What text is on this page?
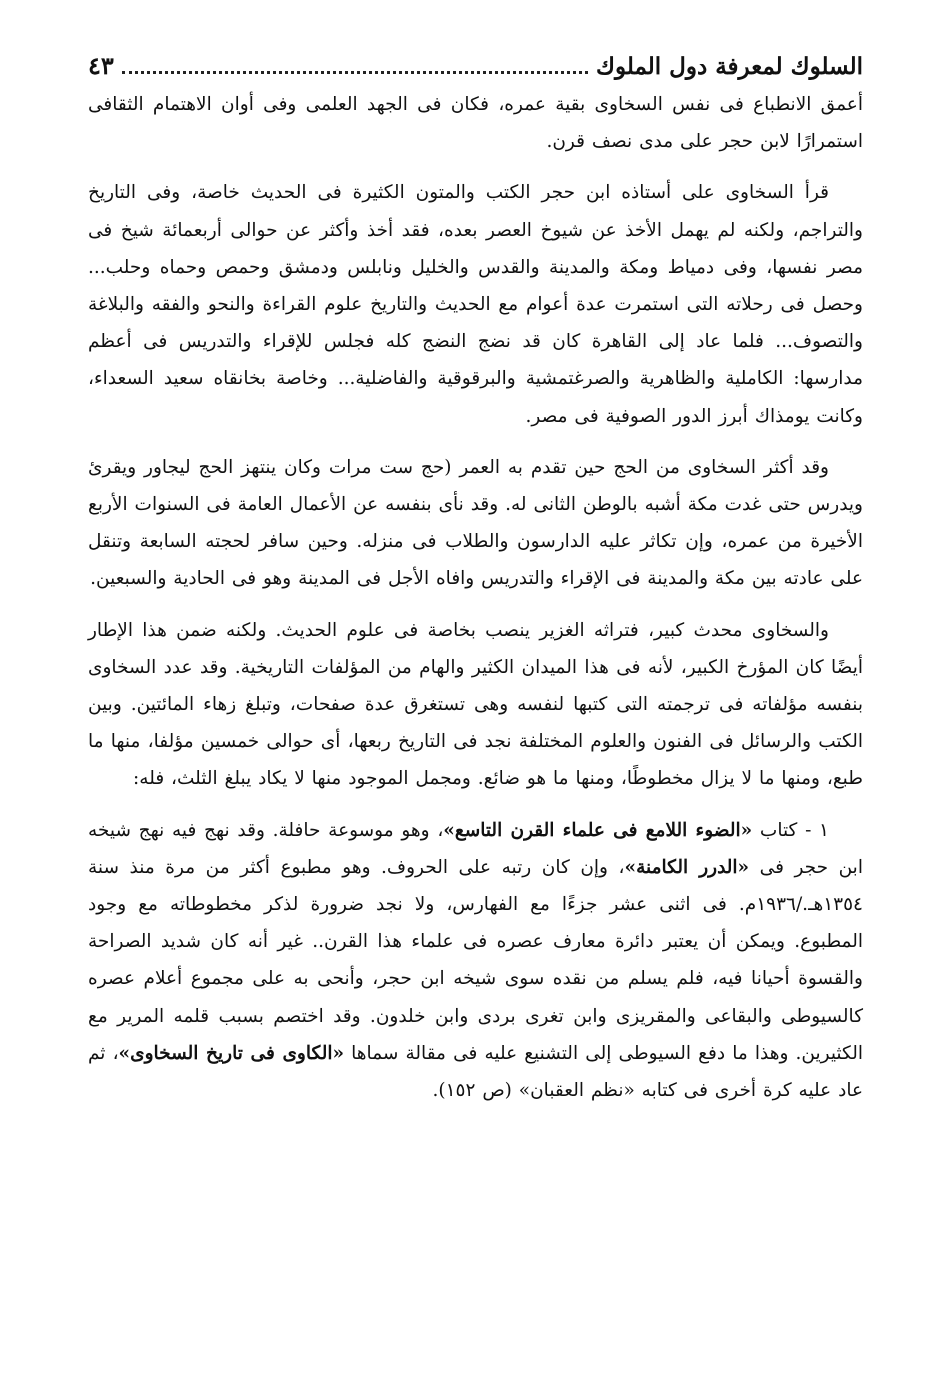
السلوك لمعرفة دول الملوك
٤٣

أعمق الانطباع فى نفس السخاوى بقية عمره، فكان فى الجهد العلمى وفى أوان الاهتمام الثقافى استمرارًا لابن حجر على مدى نصف قرن.

قرأ السخاوى على أستاذه ابن حجر الكتب والمتون الكثيرة فى الحديث خاصة، وفى التاريخ والتراجم، ولكنه لم يهمل الأخذ عن شيوخ العصر بعده، فقد أخذ وأكثر عن حوالى أربعمائة شيخ فى مصر نفسها، وفى دمياط ومكة والمدينة والقدس والخليل ونابلس ودمشق وحمص وحماه وحلب... وحصل فى رحلاته التى استمرت عدة أعوام مع الحديث والتاريخ علوم القراءة والنحو والفقه والبلاغة والتصوف... فلما عاد إلى القاهرة كان قد نضج النضج كله فجلس للإقراء والتدريس فى أعظم مدارسها: الكاملية والظاهرية والصرغتمشية والبرقوقية والفاضلية... وخاصة بخانقاه سعيد السعداء، وكانت يومذاك أبرز الدور الصوفية فى مصر.

وقد أكثر السخاوى من الحج حين تقدم به العمر (حج ست مرات وكان ينتهز الحج ليجاور ويقرئ ويدرس حتى غدت مكة أشبه بالوطن الثانى له. وقد نأى بنفسه عن الأعمال العامة فى السنوات الأربع الأخيرة من عمره، وإن تكاثر عليه الدارسون والطلاب فى منزله. وحين سافر لحجته السابعة وتنقل على عادته بين مكة والمدينة فى الإقراء والتدريس وافاه الأجل فى المدينة وهو فى الحادية والسبعين.

والسخاوى محدث كبير، فتراثه الغزير ينصب بخاصة فى علوم الحديث. ولكنه ضمن هذا الإطار أيضًا كان المؤرخ الكبير، لأنه فى هذا الميدان الكثير والهام من المؤلفات التاريخية. وقد عدد السخاوى بنفسه مؤلفاته فى ترجمته التى كتبها لنفسه وهى تستغرق عدة صفحات، وتبلغ زهاء المائتين. وبين الكتب والرسائل فى الفنون والعلوم المختلفة نجد فى التاريخ ربعها، أى حوالى خمسين مؤلفا، منها ما طبع، ومنها ما لا يزال مخطوطًا، ومنها ما هو ضائع. ومجمل الموجود منها لا يكاد يبلغ الثلث، فله:

١ - كتاب «الضوء اللامع فى علماء القرن التاسع»، وهو موسوعة حافلة. وقد نهج فيه نهج شيخه ابن حجر فى «الدرر الكامنة»، وإن كان رتبه على الحروف. وهو مطبوع أكثر من مرة منذ سنة ١٣٥٤هـ./١٩٣٦م. فى اثنى عشر جزءًا مع الفهارس، ولا نجد ضرورة لذكر مخطوطاته مع وجود المطبوع. ويمكن أن يعتبر دائرة معارف عصره فى علماء هذا القرن.. غير أنه كان شديد الصراحة والقسوة أحيانا فيه، فلم يسلم من نقده سوى شيخه ابن حجر، وأنحى به على مجموع أعلام عصره كالسيوطى والبقاعى والمقريزى وابن تغرى بردى وابن خلدون. وقد اختصم بسبب قلمه المرير مع الكثيرين. وهذا ما دفع السيوطى إلى التشنيع عليه فى مقالة سماها «الكاوى فى تاريخ السخاوى»، ثم عاد عليه كرة أخرى فى كتابه «نظم العقبان» (ص ١٥٢).
